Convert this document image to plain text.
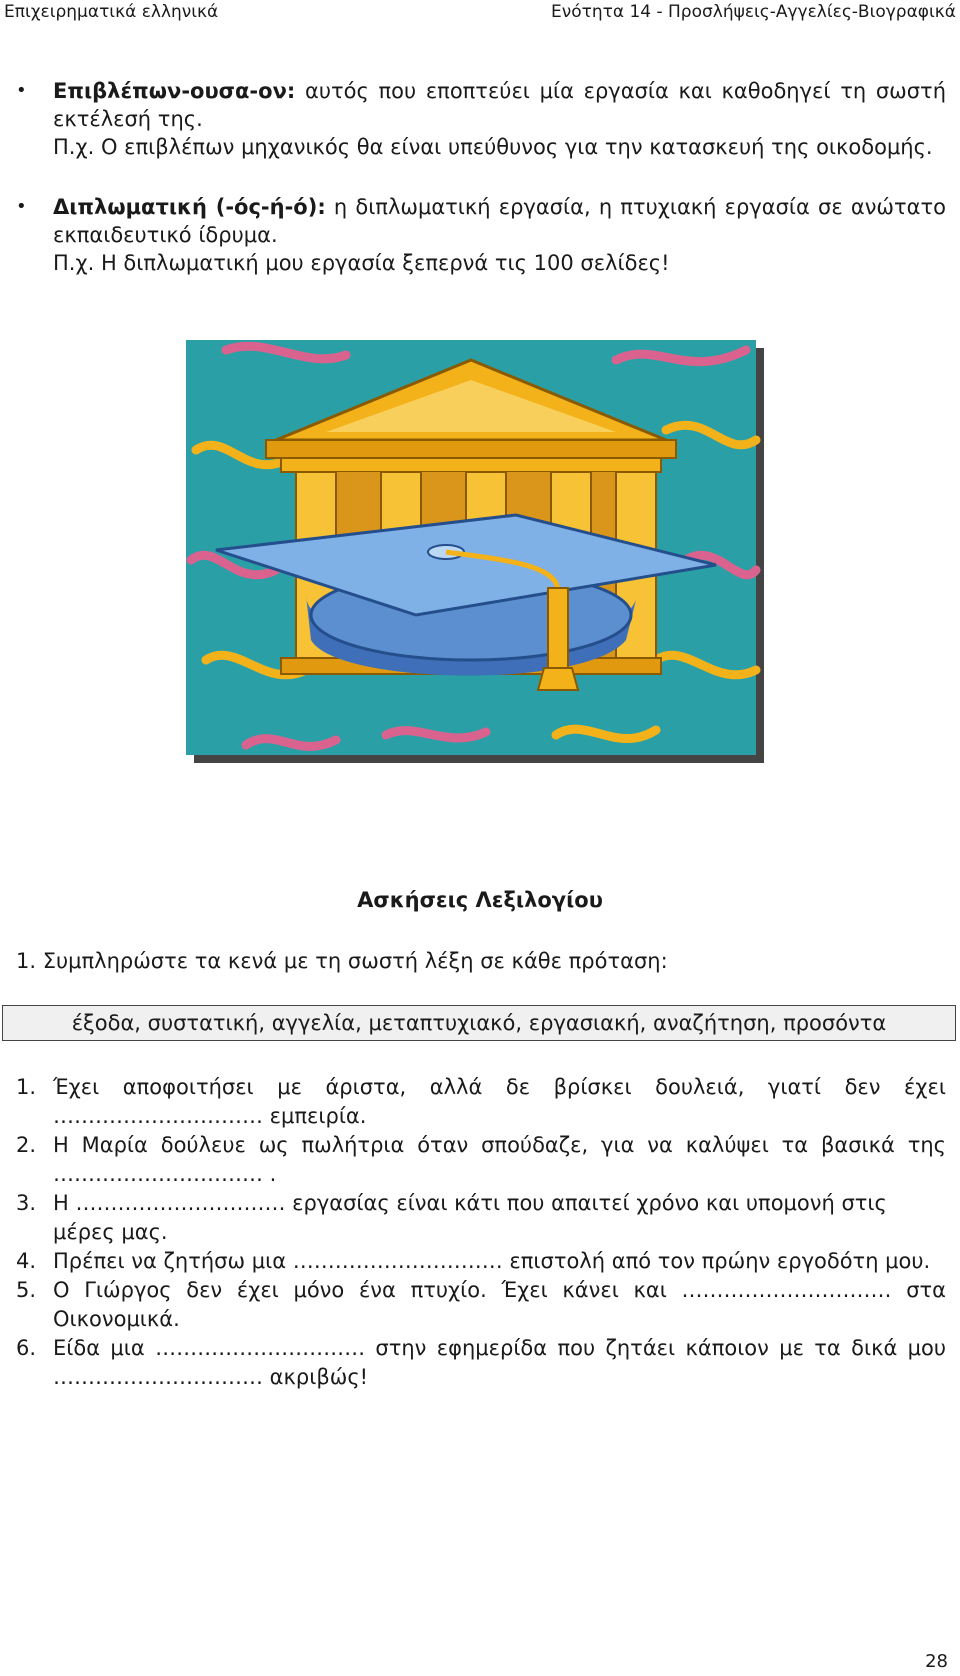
Επιχειρηματικά ελληνικά	Ενότητα 14 - Προσλήψεις-Αγγελίες-Βιογραφικά
• Επιβλέπων-ουσα-ον: αυτός που εποπτεύει μία εργασία και καθοδηγεί τη σωστή εκτέλεσή της.
Π.χ. Ο επιβλέπων μηχανικός θα είναι υπεύθυνος για την κατασκευή της οικοδομής.
• Διπλωματική (-ός-ή-ό): η διπλωματική εργασία, η πτυχιακή εργασία σε ανώτατο εκπαιδευτικό ίδρυμα.
Π.χ. Η διπλωματική μου εργασία ξεπερνά τις 100 σελίδες!
Ασκήσεις Λεξιλογίου
1. Συμπληρώστε τα κενά με τη σωστή λέξη σε κάθε πρόταση:
έξοδα, συστατική, αγγελία, μεταπτυχιακό, εργασιακή, αναζήτηση, προσόντα
1. Έχει αποφοιτήσει με άριστα, αλλά δε βρίσκει δουλειά, γιατί δεν έχει ………………………… εμπειρία.
2. Η Μαρία δούλευε ως πωλήτρια όταν σπούδαζε, για να καλύψει τα βασικά της ………………………… .
3. Η ………………………… εργασίας είναι κάτι που απαιτεί χρόνο και υπομονή στις μέρες μας.
4. Πρέπει να ζητήσω μια ………………………… επιστολή από τον πρώην εργοδότη μου.
5. Ο Γιώργος δεν έχει μόνο ένα πτυχίο. Έχει κάνει και ………………………… στα Οικονομικά.
6. Είδα μια ………………………… στην εφημερίδα που ζητάει κάποιον με τα δικά μου ………………………… ακριβώς!
28
